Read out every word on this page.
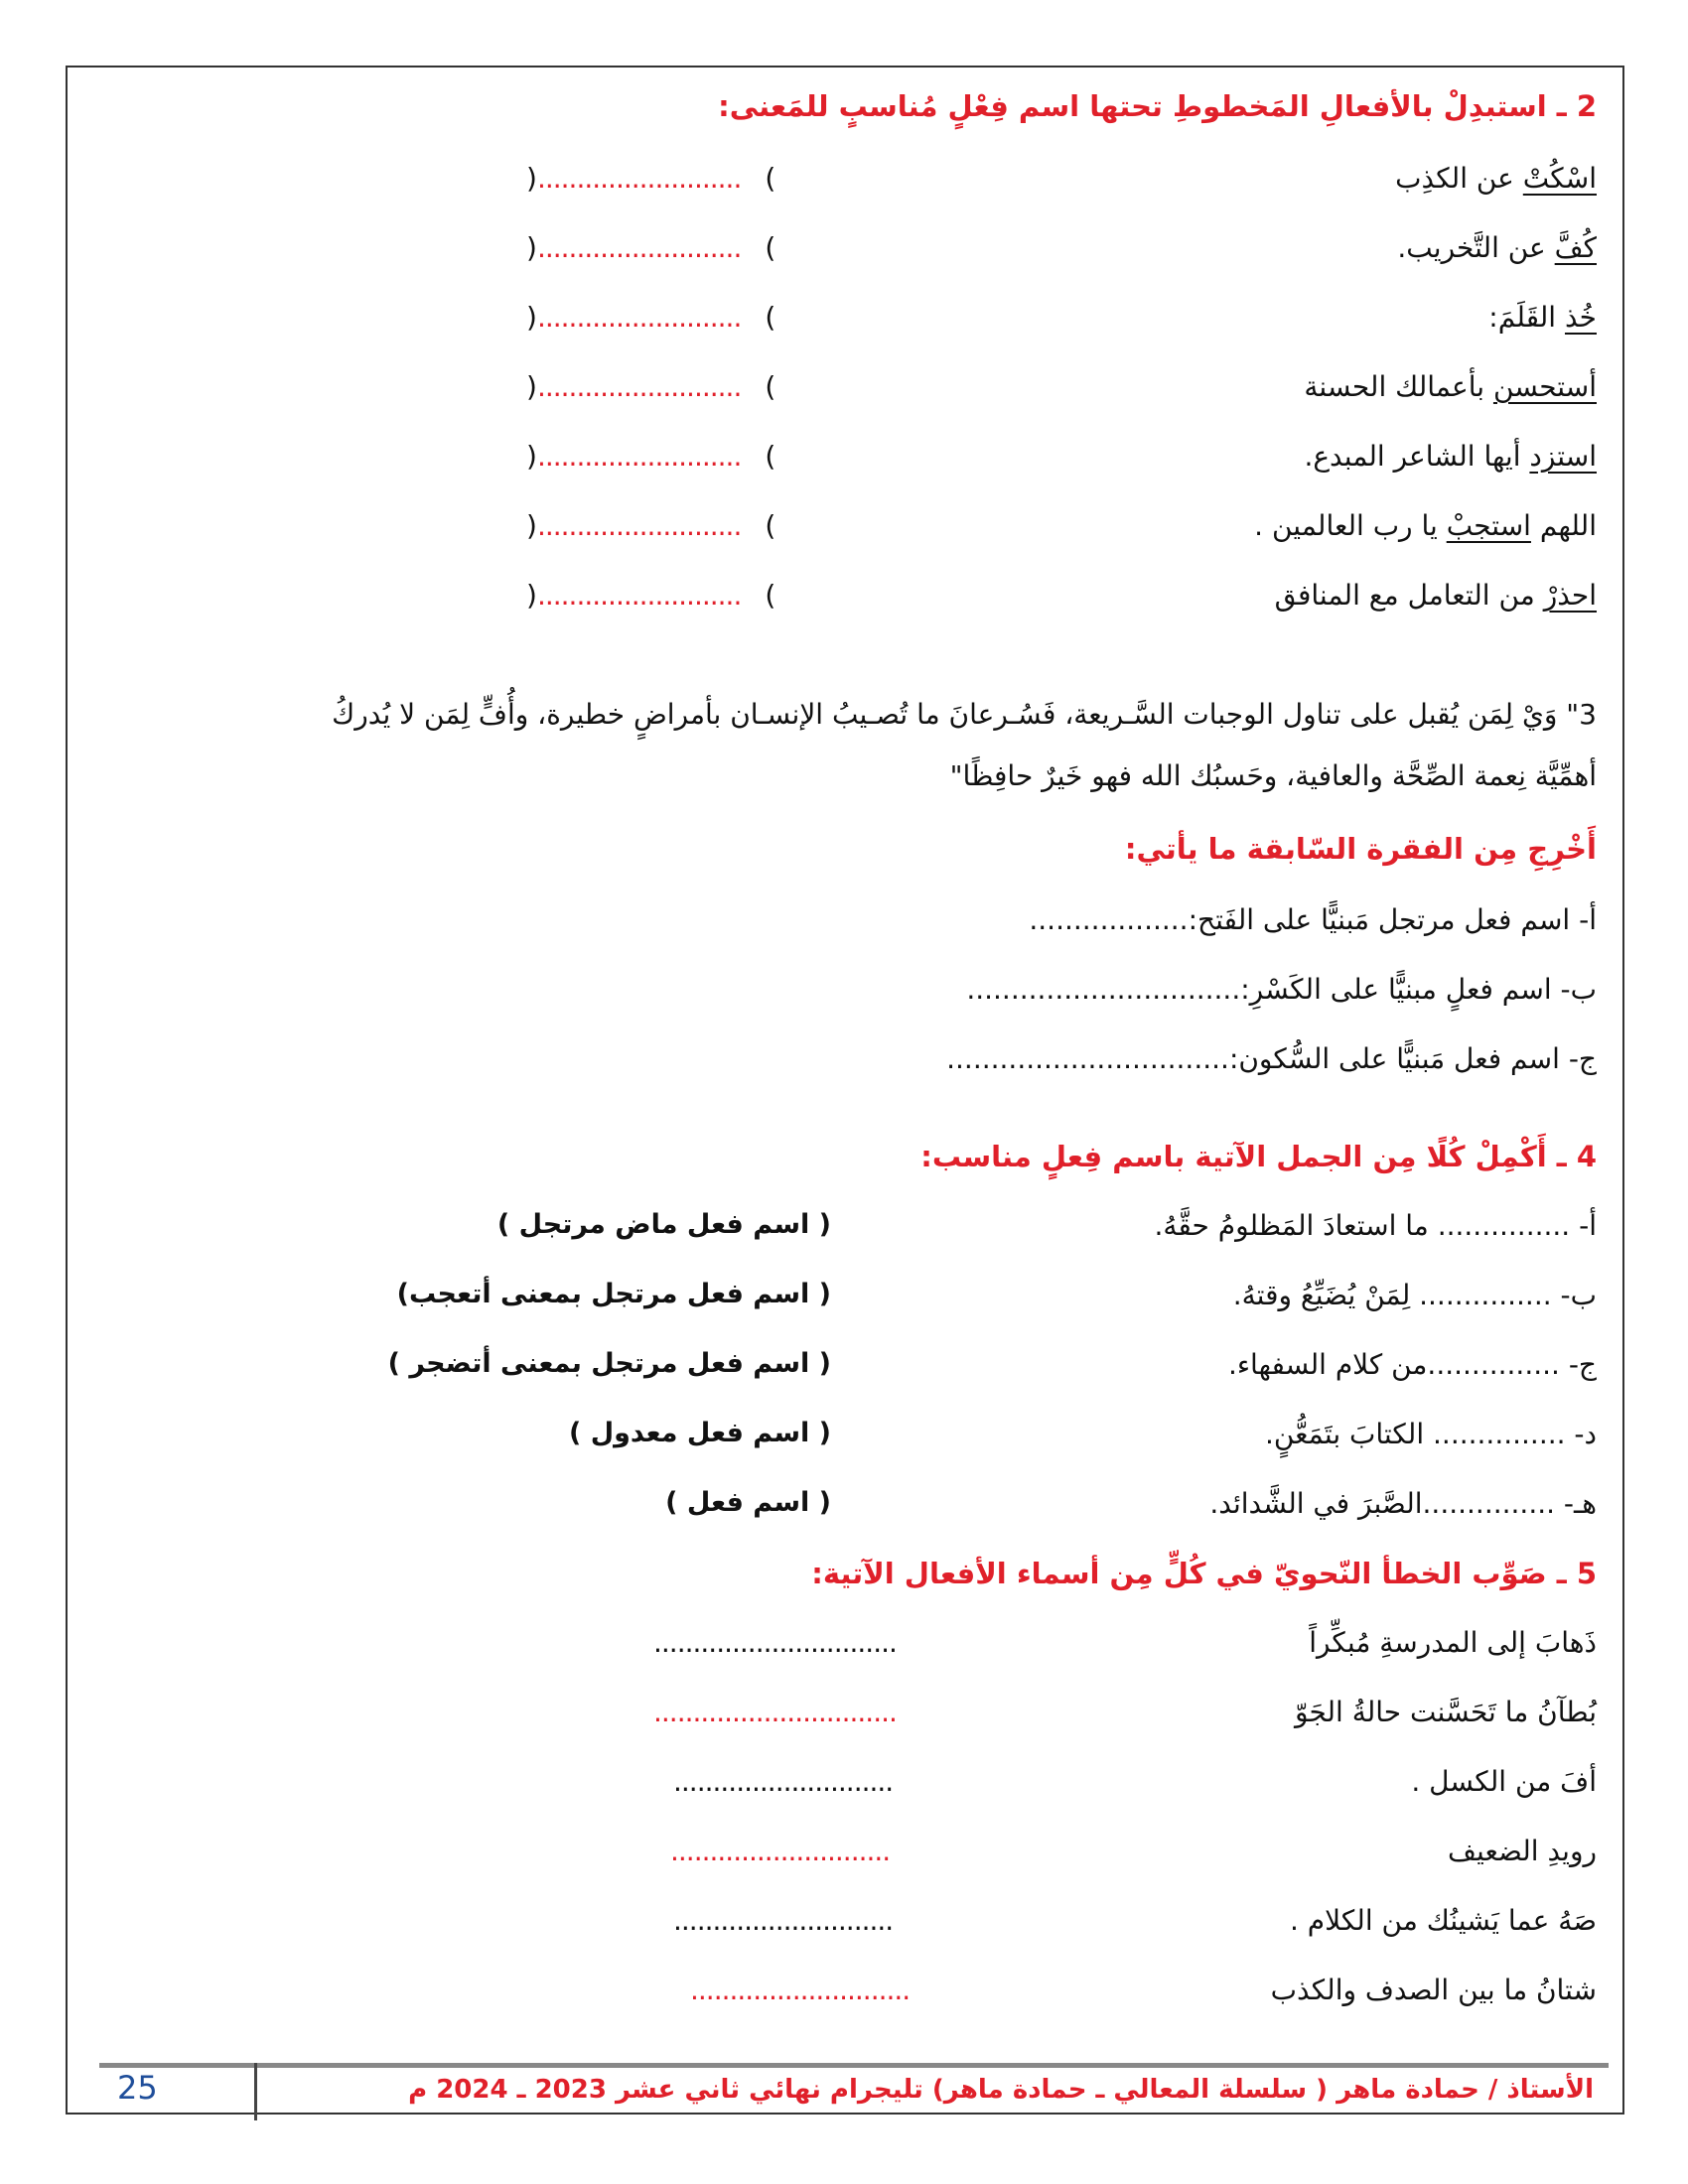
2 ـ استبدِلْ بالأفعالِ المَخطوطِ تحتها اسم فِعْلٍ مُناسبٍ للمَعنى:
اسْكُتْ عن الكذِب
).......................... (
كُفَّ عن التَّخريب.
).......................... (
خُذ القَلَمَ:
).......................... (
أستحسن بأعمالك الحسنة
).......................... (
استزد أيها الشاعر المبدع.
).......................... (
اللهم استجبْ يا رب العالمين .
).......................... (
احذرْ من التعامل مع المنافق
).......................... (
3" وَيْ لِمَن يُقبل على تناول الوجبات السَّـريعة، فَسُـرعانَ ما تُصـيبُ الإنسـان بأمراضٍ خطيرة، وأُفٍّ لِمَن لا يُدركُ
أهمِّيَّة نِعمة الصِّحَّة والعافية، وحَسبُك الله فهو خَيرٌ حافِظًا"
أَخْرِجِ مِن الفقرة السّابقة ما يأتي:
أ- اسم فعل مرتجل مَبنيًّا على الفَتح:..................
ب- اسم فعلٍ مبنيًّا على الكَسْرِ:...............................
ج- اسم فعل مَبنيًّا على السُّكون:................................
4 ـ أَكْمِلْ كُلًا مِن الجمل الآتية باسم فِعلٍ مناسب:
أ- ............... ما استعادَ المَظلومُ حقَّهُ.
( اسم فعل ماض مرتجل )
ب- ............... لِمَنْ يُضَيِّعُ وقتهُ.
( اسم فعل مرتجل بمعنى أتعجب)
ج- ...............من كلام السفهاء.
( اسم فعل مرتجل بمعنى أتضجر )
د- ............... الكتابَ بتَمَعُّنٍ.
( اسم فعل معدول )
هـ- ...............الصَّبرَ في الشَّدائد.
( اسم فعل )
5 ـ صَوِّب الخطأ النّحويّ في كُلٍّ مِن أسماء الأفعال الآتية:
ذَهابَ إلى المدرسةِ مُبكِّراً
...............................
بُطآنُ ما تَحَسَّنت حالةُ الجَوّ
...............................
أفَ من الكسل .
............................
رويدِ الضعيف
............................
صَهُ عما يَشينُك من الكلام .
............................
شتانُ ما بين الصدف والكذب
............................
الأستاذ / حمادة ماهر ( سلسلة المعالي ـ حمادة ماهر) تليجرام نهائي ثاني عشر 2023 ـ 2024 م
25
